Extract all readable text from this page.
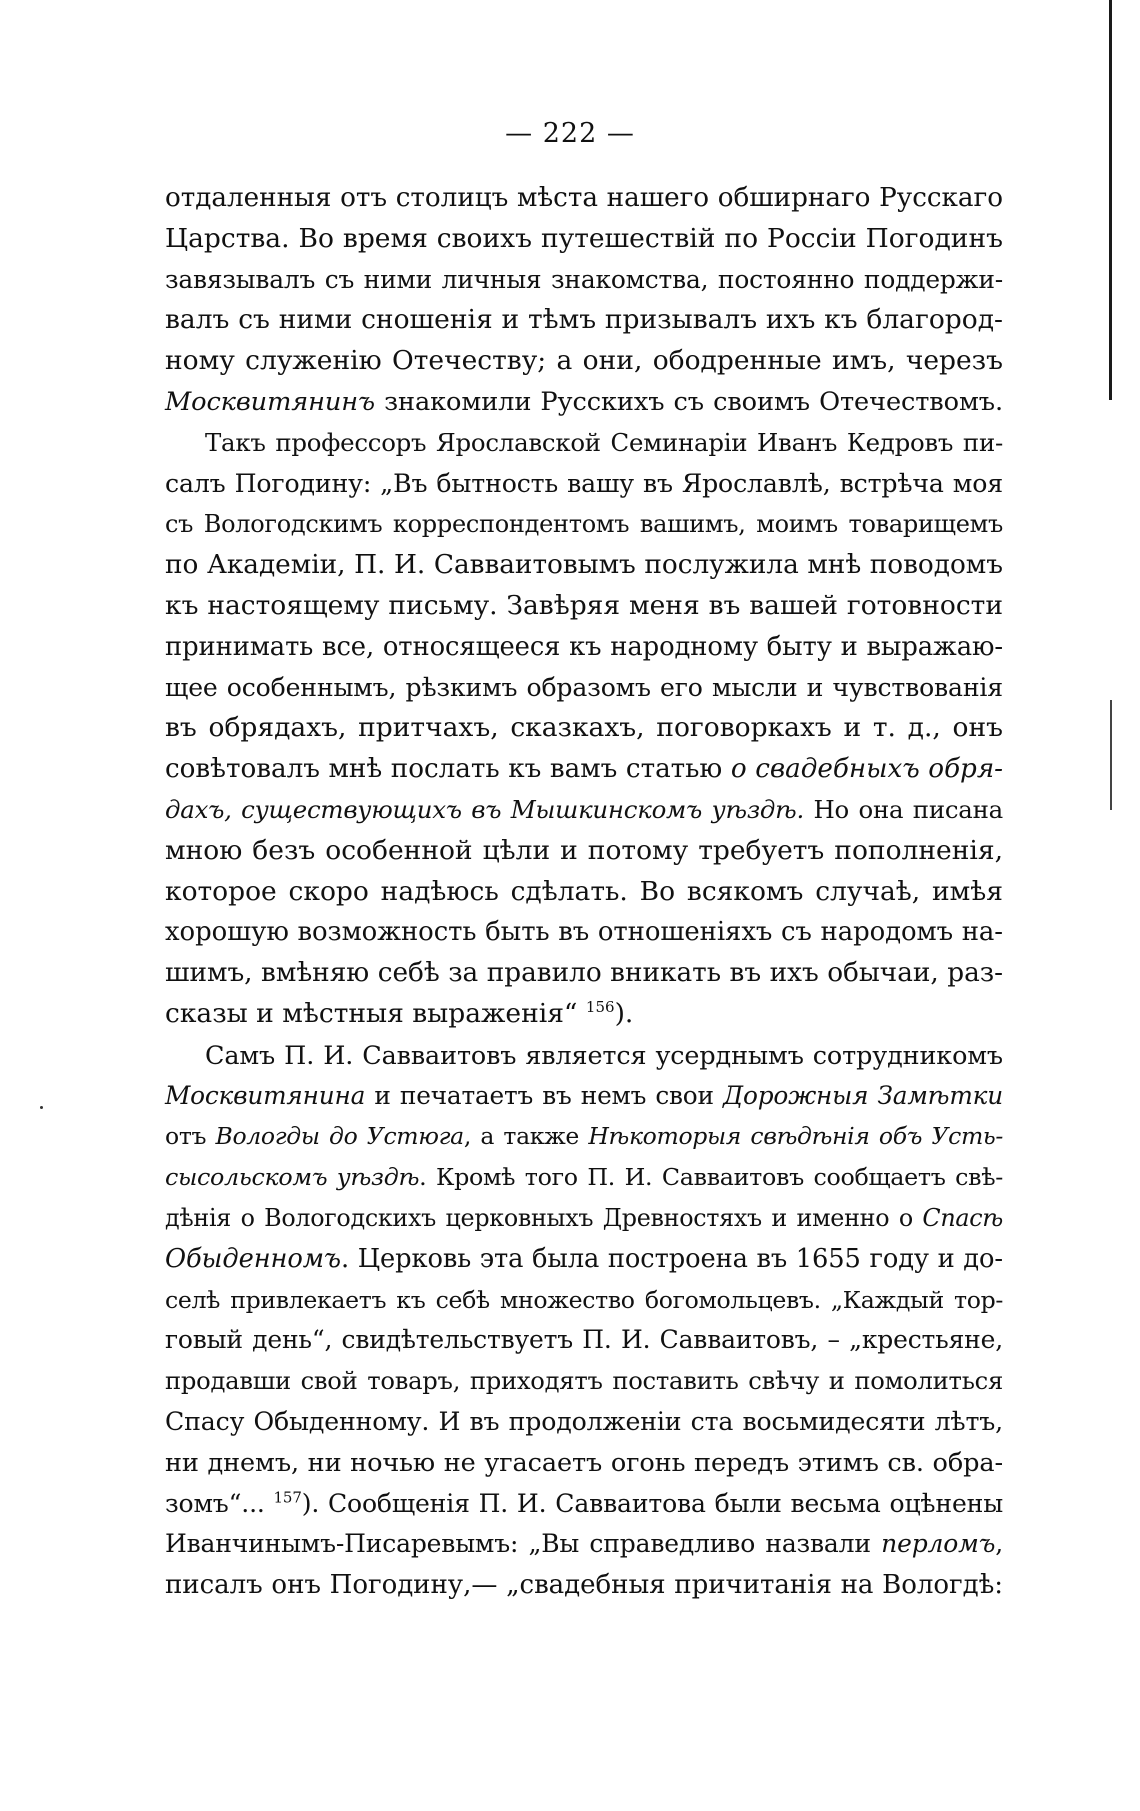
— 222 —
отдаленныя отъ столицъ мѣста нашего обширнаго Русскаго
Царства. Во время своихъ путешествій по Россіи Погодинъ
завязывалъ съ ними личныя знакомства, постоянно поддержи-
валъ съ ними сношенія и тѣмъ призывалъ ихъ къ благород-
ному служенію Отечеству; а они, ободренные имъ, черезъ
Москвитянинъ знакомили Русскихъ съ своимъ Отечествомъ.
Такъ профессоръ Ярославской Семинаріи Иванъ Кедровъ пи-
салъ Погодину: „Въ бытность вашу въ Ярославлѣ, встрѣча моя
съ Вологодскимъ корреспондентомъ вашимъ, моимъ товарищемъ
по Академіи, П. И. Савваитовымъ послужила мнѣ поводомъ
къ настоящему письму. Завѣряя меня въ вашей готовности
принимать все, относящееся къ народному быту и выражаю-
щее особеннымъ, рѣзкимъ образомъ его мысли и чувствованія
въ обрядахъ, притчахъ, сказкахъ, поговоркахъ и т. д., онъ
совѣтовалъ мнѣ послать къ вамъ статью о свадебныхъ обря-
дахъ, существующихъ въ Мышкинскомъ уѣздѣ. Но она писана
мною безъ особенной цѣли и потому требуетъ пополненія,
которое скоро надѣюсь сдѣлать. Во всякомъ случаѣ, имѣя
хорошую возможность быть въ отношеніяхъ съ народомъ на-
шимъ, вмѣняю себѣ за правило вникать въ ихъ обычаи, раз-
сказы и мѣстныя выраженія“ $^{156}$).
Самъ П. И. Савваитовъ является усерднымъ сотрудникомъ
Москвитянина и печатаетъ въ немъ свои Дорожныя Замѣтки
отъ Вологды до Устюга, а также Нѣкоторыя свѣдѣнія объ Усть-
сысольскомъ уѣздѣ. Кромѣ того П. И. Савваитовъ сообщаетъ свѣ-
дѣнія о Вологодскихъ церковныхъ Древностяхъ и именно о Спасѣ
Обыденномъ. Церковь эта была построена въ 1655 году и до-
селѣ привлекаетъ къ себѣ множество богомольцевъ. „Каждый тор-
говый день“, свидѣтельствуетъ П. И. Савваитовъ, – „крестьяне,
продавши свой товаръ, приходятъ поставить свѣчу и помолиться
Спасу Обыденному. И въ продолженіи ста восьмидесяти лѣтъ,
ни днемъ, ни ночью не угасаетъ огонь передъ этимъ св. обра-
зомъ“... $^{157}$). Сообщенія П. И. Савваитова были весьма оцѣнены
Иванчинымъ-Писаревымъ: „Вы справедливо назвали перломъ,
писалъ онъ Погодину,— „свадебныя причитанія на Вологдѣ:
